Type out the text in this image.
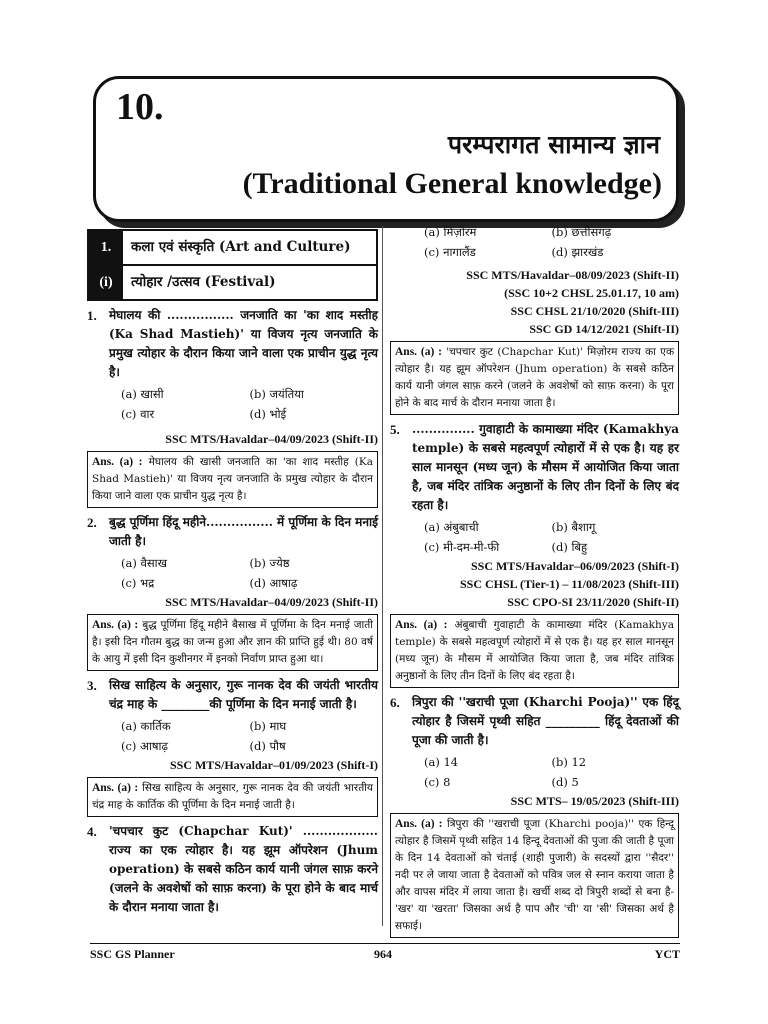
10.
परम्परागत सामान्य ज्ञान
(Traditional General knowledge)
1.	कला एवं संस्कृति (Art and Culture)
(i)	त्योहार /उत्सव (Festival)
1.	मेघालय की ................ जनजाति का 'का शाद मस्तीह (Ka Shad Mastieh)' या विजय नृत्य जनजाति के प्रमुख त्योहार के दौरान किया जाने वाला एक प्राचीन युद्ध नृत्य है।
(a) खासी	(b) जयंतिया
(c) वार	(d) भोई
SSC MTS/Havaldar–04/09/2023 (Shift-II)
Ans. (a) : मेघालय की खासी जनजाति का 'का शाद मस्तीह (Ka Shad Mastieh)' या विजय नृत्य जनजाति के प्रमुख त्योहार के दौरान किया जाने वाला एक प्राचीन युद्ध नृत्य है।
2.	बुद्ध पूर्णिमा हिंदू महीने................ में पूर्णिमा के दिन मनाई जाती है।
(a) वैसाख	(b) ज्येष्ठ
(c) भद्र	(d) आषाढ़
SSC MTS/Havaldar–04/09/2023 (Shift-II)
Ans. (a) : बुद्ध पूर्णिमा हिंदू महीने बैसाख में पूर्णिमा के दिन मनाई जाती है। इसी दिन गौतम बुद्ध का जन्म हुआ और ज्ञान की प्राप्ति हुई थी। 80 वर्ष के आयु में इसी दिन कुशीनगर में इनको निर्वाण प्राप्त हुआ था।
3.	सिख साहित्य के अनुसार, गुरू नानक देव की जयंती भारतीय चंद्र माह के ________की पूर्णिमा के दिन मनाई जाती है।
(a) कार्तिक	(b) माघ
(c) आषाढ़	(d) पौष
SSC MTS/Havaldar–01/09/2023 (Shift-I)
Ans. (a) : सिख साहित्य के अनुसार, गुरू नानक देव की जयंती भारतीय चंद्र माह के कार्तिक की पूर्णिमा के दिन मनाई जाती है।
4.	'चपचार कुट (Chapchar Kut)' .................. राज्य का एक त्योहार है। यह झूम ऑपरेशन (Jhum operation) के सबसे कठिन कार्य यानी जंगल साफ़ करने (जलने के अवशेषों को साफ़ करना) के पूरा होने के बाद मार्च के दौरान मनाया जाता है।
(a) मिज़ोरम	(b) छत्तीसगढ़
(c) नागालैंड	(d) झारखंड
SSC MTS/Havaldar–08/09/2023 (Shift-II)
(SSC 10+2 CHSL 25.01.17, 10 am)
SSC CHSL 21/10/2020 (Shift-III)
SSC GD 14/12/2021 (Shift-II)
Ans. (a) : 'चपचार कुट (Chapchar Kut)' मिज़ोरम राज्य का एक त्योहार है। यह झूम ऑपरेशन (Jhum operation) के सबसे कठिन कार्य यानी जंगल साफ़ करने (जलने के अवशेषों को साफ़ करना) के पूरा होने के बाद मार्च के दौरान मनाया जाता है।
5.	............... गुवाहाटी के कामाख्या मंदिर (Kamakhya temple) के सबसे महत्वपूर्ण त्योहारों में से एक है। यह हर साल मानसून (मध्य जून) के मौसम में आयोजित किया जाता है, जब मंदिर तांत्रिक अनुष्ठानों के लिए तीन दिनों के लिए बंद रहता है।
(a) अंबुबाची	(b) बैशागू
(c) मी-दम-मी-फी	(d) बिहु
SSC MTS/Havaldar–06/09/2023 (Shift-I)
SSC CHSL (Tier-1) – 11/08/2023 (Shift-III)
SSC CPO-SI 23/11/2020 (Shift-II)
Ans. (a) : अंबुबाची गुवाहाटी के कामाख्या मंदिर (Kamakhya temple) के सबसे महत्वपूर्ण त्योहारों में से एक है। यह हर साल मानसून (मध्य जून) के मौसम में आयोजित किया जाता है, जब मंदिर तांत्रिक अनुष्ठानों के लिए तीन दिनों के लिए बंद रहता है।
6.	त्रिपुरा की ''खराची पूजा (Kharchi Pooja)'' एक हिंदू त्योहार है जिसमें पृथ्वी सहित _________ हिंदू देवताओं की पूजा की जाती है।
(a) 14	(b) 12
(c) 8	(d) 5
SSC MTS– 19/05/2023 (Shift-III)
Ans. (a) : त्रिपुरा की ''खराची पूजा (Kharchi pooja)'' एक हिन्दू त्योहार है जिसमें पृथ्वी सहित 14 हिन्दू देवताओं की पुजा की जाती है पूजा के दिन 14 देवताओं को चंताई (शाही पुजारी) के सदस्यों द्वारा ''सैदर'' नदी पर ले जाया जाता है देवताओं को पवित्र जल से स्नान कराया जाता है और वापस मंदिर में लाया जाता है। खर्ची शब्द दो त्रिपुरी शब्दों से बना है- 'खर' या 'खरता' जिसका अर्थ है पाप और 'ची' या 'सी' जिसका अर्थ है सफाई।
SSC GS Planner	964	YCT
